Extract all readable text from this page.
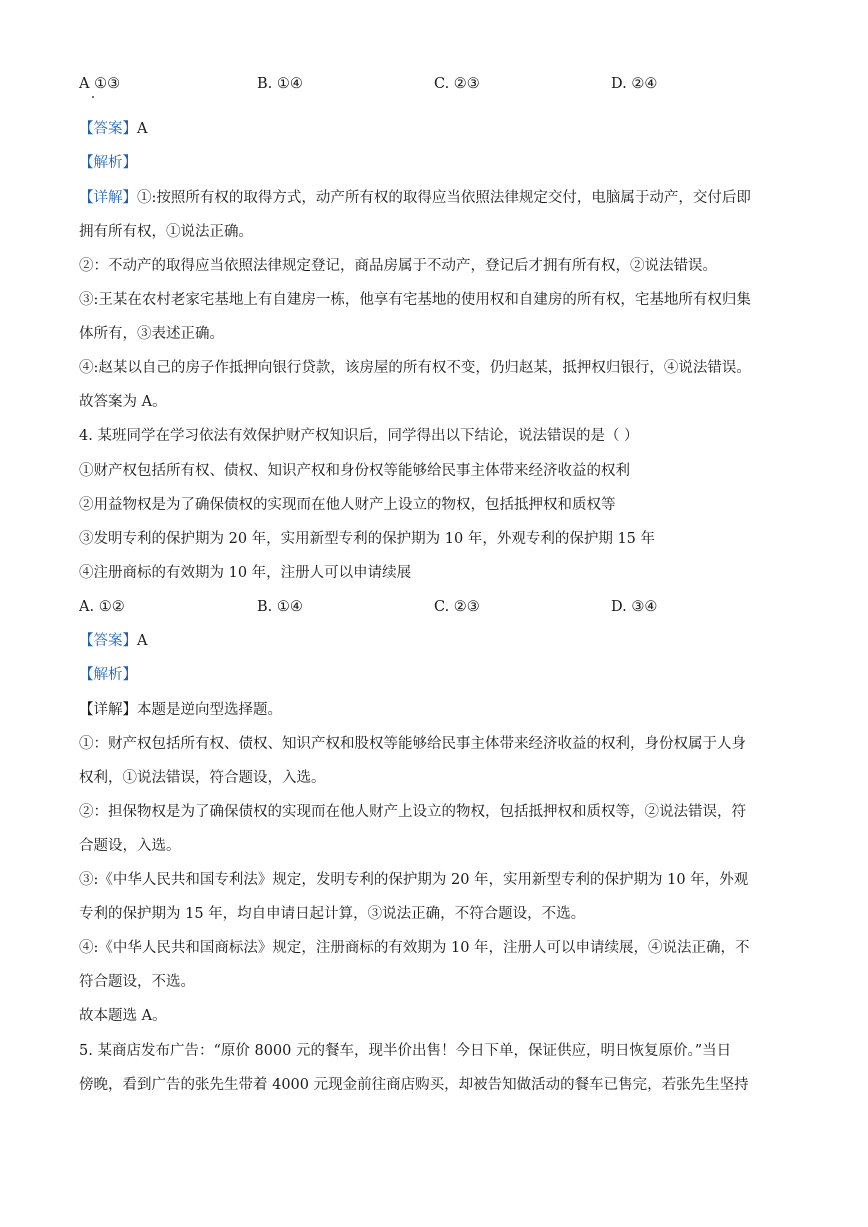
A ①③	B. ①④	C. ②③	D. ②④
【答案】A
【解析】
【详解】①:按照所有权的取得方式，动产所有权的取得应当依照法律规定交付，电脑属于动产，交付后即
拥有所有权，①说法正确。
②：不动产的取得应当依照法律规定登记，商品房属于不动产，登记后才拥有所有权，②说法错误。
③:王某在农村老家宅基地上有自建房一栋，他享有宅基地的使用权和自建房的所有权，宅基地所有权归集
体所有，③表述正确。
④:赵某以自己的房子作抵押向银行贷款，该房屋的所有权不变，仍归赵某，抵押权归银行，④说法错误。
故答案为 A。
4. 某班同学在学习依法有效保护财产权知识后，同学得出以下结论，说法错误的是（ ）
①财产权包括所有权、债权、知识产权和身份权等能够给民事主体带来经济收益的权利
②用益物权是为了确保债权的实现而在他人财产上设立的物权，包括抵押权和质权等
③发明专利的保护期为 20 年，实用新型专利的保护期为 10 年，外观专利的保护期 15 年
④注册商标的有效期为 10 年，注册人可以申请续展
A. ①②	B. ①④	C. ②③	D. ③④
【答案】A
【解析】
【详解】本题是逆向型选择题。
①：财产权包括所有权、债权、知识产权和股权等能够给民事主体带来经济收益的权利，身份权属于人身
权利，①说法错误，符合题设，入选。
②：担保物权是为了确保债权的实现而在他人财产上设立的物权，包括抵押权和质权等，②说法错误，符
合题设，入选。
③:《中华人民共和国专利法》规定，发明专利的保护期为 20 年，实用新型专利的保护期为 10 年，外观
专利的保护期为 15 年，均自申请日起计算，③说法正确，不符合题设，不选。
④:《中华人民共和国商标法》规定，注册商标的有效期为 10 年，注册人可以申请续展，④说法正确，不
符合题设，不选。
故本题选 A。
5. 某商店发布广告：“原价 8000 元的餐车，现半价出售！今日下单，保证供应，明日恢复原价。”当日
傍晚，看到广告的张先生带着 4000 元现金前往商店购买，却被告知做活动的餐车已售完，若张先生坚持
